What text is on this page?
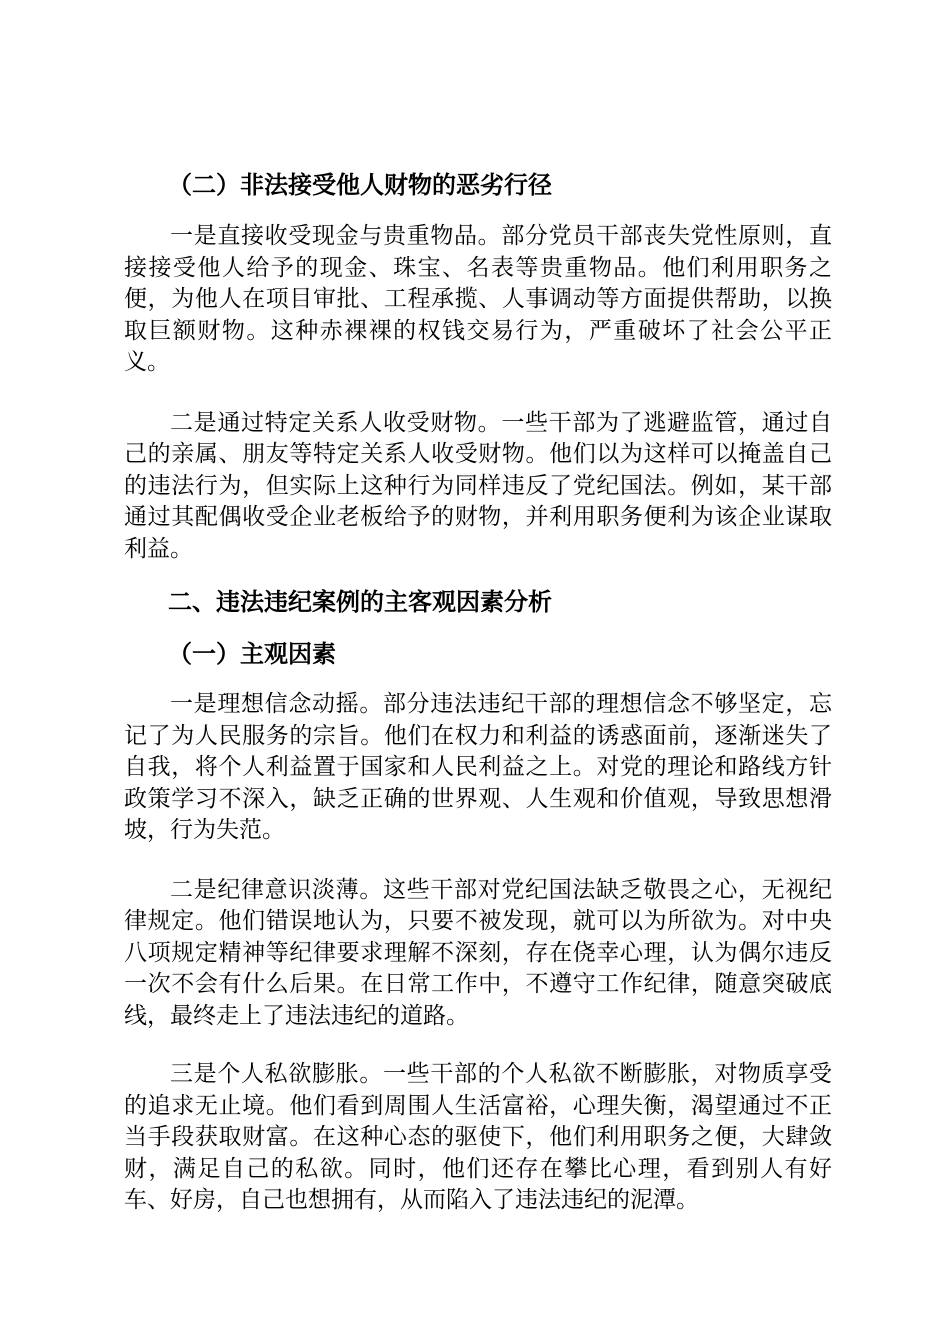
（二）非法接受他人财物的恶劣行径

一是直接收受现金与贵重物品。部分党员干部丧失党性原则，直接接受他人给予的现金、珠宝、名表等贵重物品。他们利用职务之便，为他人在项目审批、工程承揽、人事调动等方面提供帮助，以换取巨额财物。这种赤裸裸的权钱交易行为，严重破坏了社会公平正义。

二是通过特定关系人收受财物。一些干部为了逃避监管，通过自己的亲属、朋友等特定关系人收受财物。他们以为这样可以掩盖自己的违法行为，但实际上这种行为同样违反了党纪国法。例如，某干部通过其配偶收受企业老板给予的财物，并利用职务便利为该企业谋取利益。

二、违法违纪案例的主客观因素分析
（一）主观因素

一是理想信念动摇。部分违法违纪干部的理想信念不够坚定，忘记了为人民服务的宗旨。他们在权力和利益的诱惑面前，逐渐迷失了自我，将个人利益置于国家和人民利益之上。对党的理论和路线方针政策学习不深入，缺乏正确的世界观、人生观和价值观，导致思想滑坡，行为失范。

二是纪律意识淡薄。这些干部对党纪国法缺乏敬畏之心，无视纪律规定。他们错误地认为，只要不被发现，就可以为所欲为。对中央八项规定精神等纪律要求理解不深刻，存在侥幸心理，认为偶尔违反一次不会有什么后果。在日常工作中，不遵守工作纪律，随意突破底线，最终走上了违法违纪的道路。

三是个人私欲膨胀。一些干部的个人私欲不断膨胀，对物质享受的追求无止境。他们看到周围人生活富裕，心理失衡，渴望通过不正当手段获取财富。在这种心态的驱使下，他们利用职务之便，大肆敛财，满足自己的私欲。同时，他们还存在攀比心理，看到别人有好车、好房，自己也想拥有，从而陷入了违法违纪的泥潭。
